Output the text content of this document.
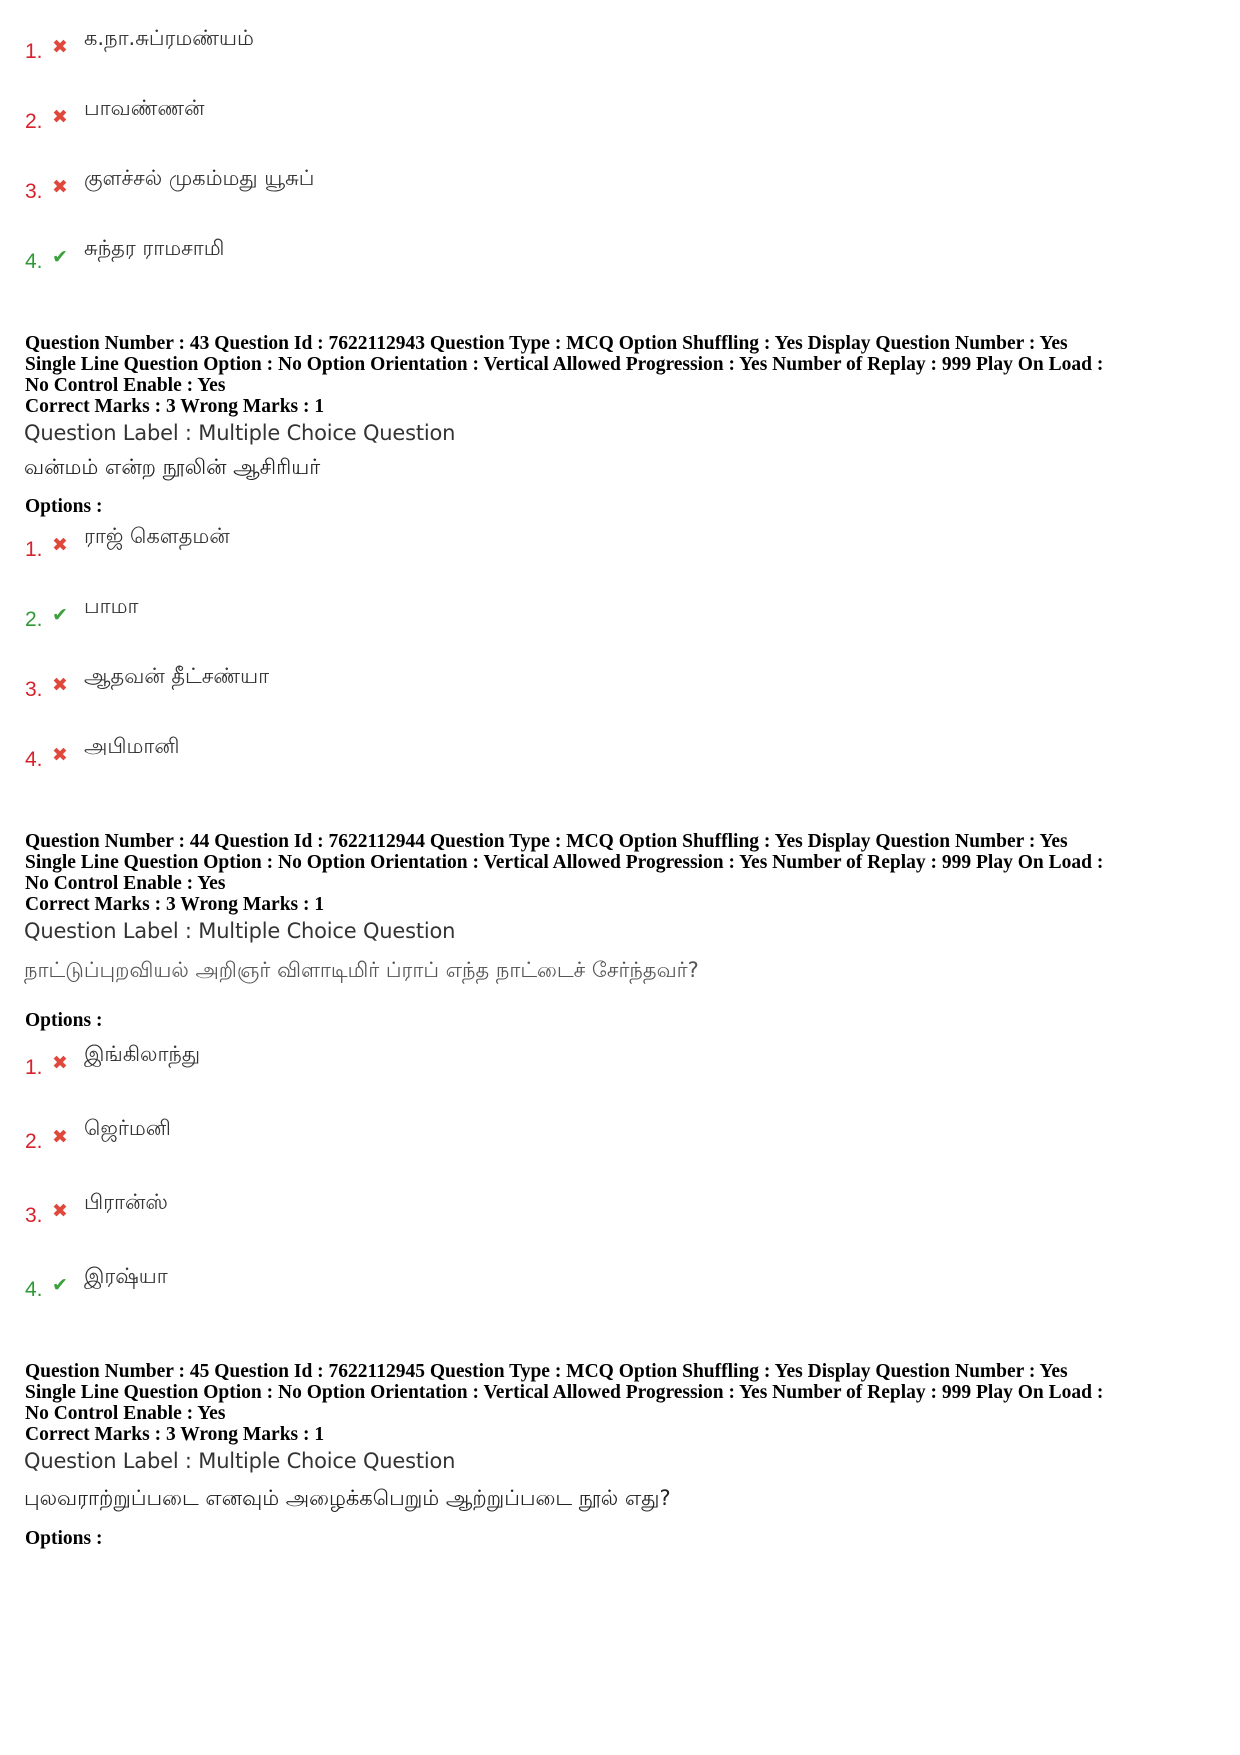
1. ✖ க.நா.சுப்ரமண்யம்
2. ✖ பாவண்ணன்
3. ✖ குளச்சல் முகம்மது யூசுப்
4. ✔ சுந்தர ராமசாமி
Question Number : 43 Question Id : 7622112943 Question Type : MCQ Option Shuffling : Yes Display Question Number : Yes
Single Line Question Option : No Option Orientation : Vertical Allowed Progression : Yes Number of Replay : 999 Play On Load :
No Control Enable : Yes
Correct Marks : 3 Wrong Marks : 1
Question Label : Multiple Choice Question
வன்மம் என்ற நூலின் ஆசிரியர்
Options :
1. ✖ ராஜ் கௌதமன்
2. ✔ பாமா
3. ✖ ஆதவன் தீட்சண்யா
4. ✖ அபிமானி
Question Number : 44 Question Id : 7622112944 Question Type : MCQ Option Shuffling : Yes Display Question Number : Yes
Single Line Question Option : No Option Orientation : Vertical Allowed Progression : Yes Number of Replay : 999 Play On Load :
No Control Enable : Yes
Correct Marks : 3 Wrong Marks : 1
Question Label : Multiple Choice Question
நாட்டுப்புறவியல் அறிஞர் விளாடிமிர் ப்ராப் எந்த நாட்டைச் சேர்ந்தவர்?
Options :
1. ✖ இங்கிலாந்து
2. ✖ ஜெர்மனி
3. ✖ பிரான்ஸ்
4. ✔ இரஷ்யா
Question Number : 45 Question Id : 7622112945 Question Type : MCQ Option Shuffling : Yes Display Question Number : Yes
Single Line Question Option : No Option Orientation : Vertical Allowed Progression : Yes Number of Replay : 999 Play On Load :
No Control Enable : Yes
Correct Marks : 3 Wrong Marks : 1
Question Label : Multiple Choice Question
புலவராற்றுப்படை எனவும் அழைக்கபெறும் ஆற்றுப்படை நூல் எது?
Options :
